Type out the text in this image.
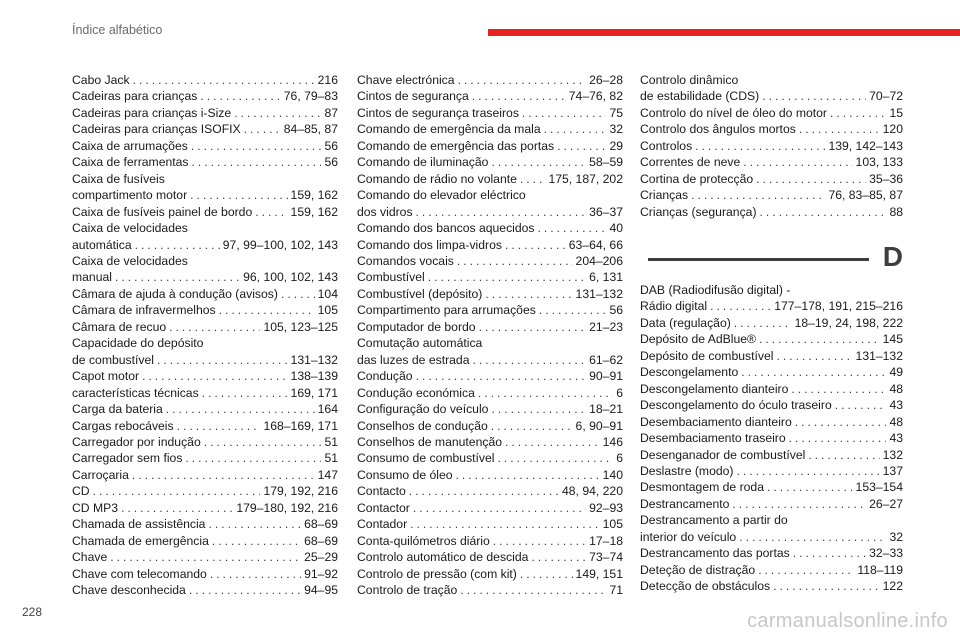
Índice alfabético
Cabo Jack . . .	216
Cadeiras para crianças . . .	76, 79–83
Cadeiras para crianças i-Size . . .	87
Cadeiras para crianças ISOFIX . . .	84–85, 87
Caixa de arrumações . . .	56
Caixa de ferramentas . . .	56
Caixa de fusíveis
compartimento motor . . .	159, 162
Caixa de fusíveis painel de bordo . . .	159, 162
Caixa de velocidades
automática . . .	97, 99–100, 102, 143
Caixa de velocidades
manual . . .	96, 100, 102, 143
Câmara de ajuda à condução (avisos) . . .	104
Câmara de infravermelhos . . .	105
Câmara de recuo . . .	105, 123–125
Capacidade do depósito
de combustível . . .	131–132
Capot motor . . .	138–139
características técnicas . . .	169, 171
Carga da bateria . . .	164
Cargas rebocáveis . . .	168–169, 171
Carregador por indução . . .	51
Carregador sem fios . . .	51
Carroçaria . . .	147
CD . . .	179, 192, 216
CD MP3 . . .	179–180, 192, 216
Chamada de assistência . . .	68–69
Chamada de emergência . . .	68–69
Chave . . .	25–29
Chave com telecomando . . .	91–92
Chave desconhecida . . .	94–95
Chave electrónica . . .	26–28
Cintos de segurança . . .	74–76, 82
Cintos de segurança traseiros . . .	75
Comando de emergência da mala . . .	32
Comando de emergência das portas . . .	29
Comando de iluminação . . .	58–59
Comando de rádio no volante . . .	175, 187, 202
Comando do elevador eléctrico
dos vidros . . .	36–37
Comando dos bancos aquecidos . . .	40
Comando dos limpa-vidros . . .	63–64, 66
Comandos vocais . . .	204–206
Combustível . . .	6, 131
Combustível (depósito) . . .	131–132
Compartimento para arrumações . . .	56
Computador de bordo . . .	21–23
Comutação automática
das luzes de estrada . . .	61–62
Condução . . .	90–91
Condução económica . . .	6
Configuração do veículo . . .	18–21
Conselhos de condução . . .	6, 90–91
Conselhos de manutenção . . .	146
Consumo de combustível . . .	6
Consumo de óleo . . .	140
Contacto . . .	48, 94, 220
Contactor . . .	92–93
Contador . . .	105
Conta-quilómetros diário . . .	17–18
Controlo automático de descida . . .	73–74
Controlo de pressão (com kit) . . .	149, 151
Controlo de tração . . .	71
Controlo dinâmico
de estabilidade (CDS) . . .	70–72
Controlo do nível de óleo do motor . . .	15
Controlo dos ângulos mortos . . .	120
Controlos . . .	139, 142–143
Correntes de neve . . .	103, 133
Cortina de protecção . . .	35–36
Crianças . . .	76, 83–85, 87
Crianças (segurança) . . .	88
D
DAB (Radiodifusão digital) -
Rádio digital . . .	177–178, 191, 215–216
Data (regulação) . . .	18–19, 24, 198, 222
Depósito de AdBlue® . . .	145
Depósito de combustível . . .	131–132
Descongelamento . . .	49
Descongelamento dianteiro . . .	48
Descongelamento do óculo traseiro . . .	43
Desembaciamento dianteiro . . .	48
Desembaciamento traseiro . . .	43
Desenganador de combustível . . .	132
Deslastre (modo) . . .	137
Desmontagem de roda . . .	153–154
Destrancamento . . .	26–27
Destrancamento a partir do
interior do veículo . . .	32
Destrancamento das portas . . .	32–33
Deteção de distração . . .	118–119
Detecção de obstáculos . . .	122
228	carmanualsonline.info
